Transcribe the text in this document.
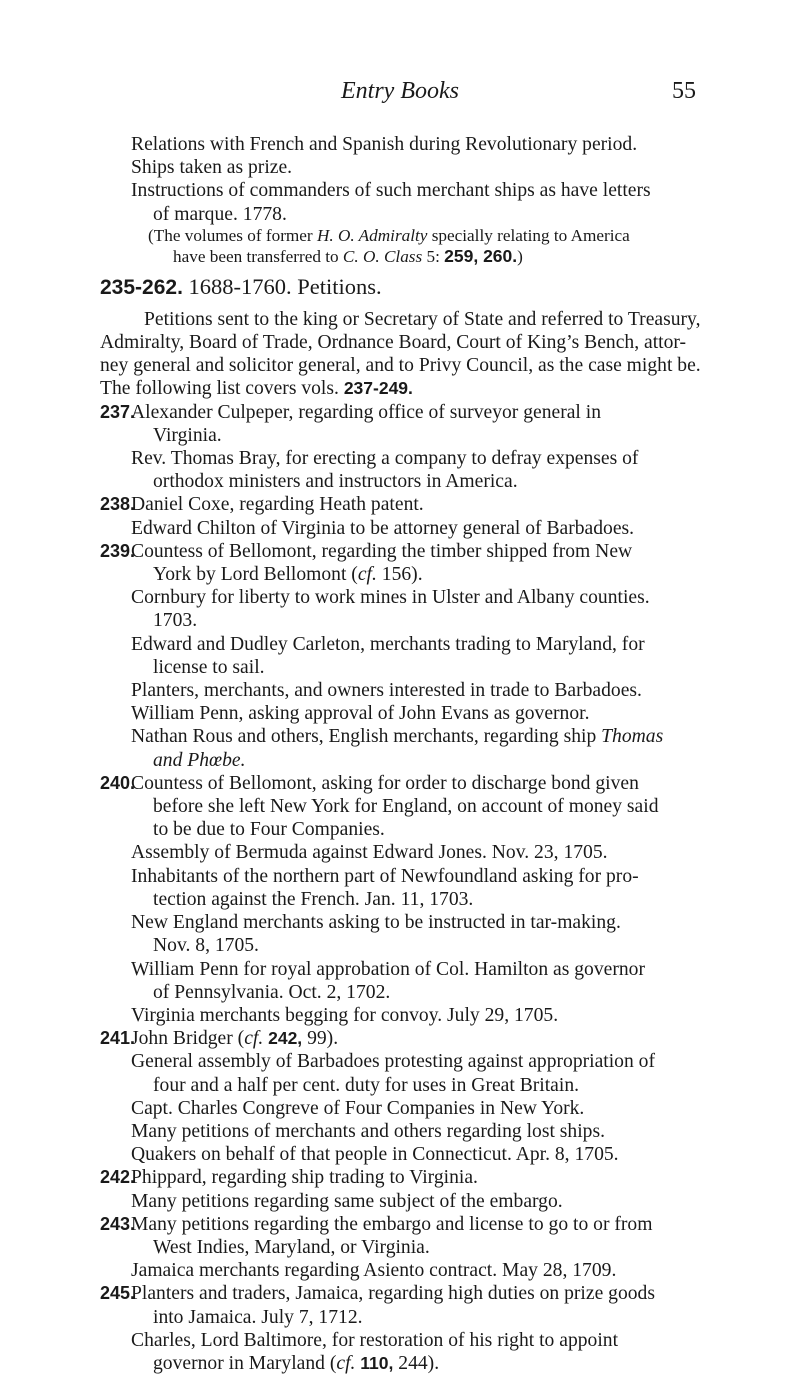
Entry Books	55
Relations with French and Spanish during Revolutionary period.
Ships taken as prize.
Instructions of commanders of such merchant ships as have letters
of marque. 1778.
(The volumes of former H. O. Admiralty specially relating to America
have been transferred to C. O. Class 5: 259, 260.)
235-262. 1688-1760. Petitions.
Petitions sent to the king or Secretary of State and referred to Treasury,
Admiralty, Board of Trade, Ordnance Board, Court of King’s Bench, attor-
ney general and solicitor general, and to Privy Council, as the case might be.
The following list covers vols. 237-249.
237.
Alexander Culpeper, regarding office of surveyor general in
Virginia.
Rev. Thomas Bray, for erecting a company to defray expenses of
orthodox ministers and instructors in America.
238.
Daniel Coxe, regarding Heath patent.
Edward Chilton of Virginia to be attorney general of Barbadoes.
239.
Countess of Bellomont, regarding the timber shipped from New
York by Lord Bellomont (cf. 156).
Cornbury for liberty to work mines in Ulster and Albany counties.
1703.
Edward and Dudley Carleton, merchants trading to Maryland, for
license to sail.
Planters, merchants, and owners interested in trade to Barbadoes.
William Penn, asking approval of John Evans as governor.
Nathan Rous and others, English merchants, regarding ship Thomas
and Phœbe.
240.
Countess of Bellomont, asking for order to discharge bond given
before she left New York for England, on account of money said
to be due to Four Companies.
Assembly of Bermuda against Edward Jones. Nov. 23, 1705.
Inhabitants of the northern part of Newfoundland asking for pro-
tection against the French. Jan. 11, 1703.
New England merchants asking to be instructed in tar-making.
Nov. 8, 1705.
William Penn for royal approbation of Col. Hamilton as governor
of Pennsylvania. Oct. 2, 1702.
Virginia merchants begging for convoy. July 29, 1705.
241.
John Bridger (cf. 242, 99).
General assembly of Barbadoes protesting against appropriation of
four and a half per cent. duty for uses in Great Britain.
Capt. Charles Congreve of Four Companies in New York.
Many petitions of merchants and others regarding lost ships.
Quakers on behalf of that people in Connecticut. Apr. 8, 1705.
242.
Phippard, regarding ship trading to Virginia.
Many petitions regarding same subject of the embargo.
243.
Many petitions regarding the embargo and license to go to or from
West Indies, Maryland, or Virginia.
Jamaica merchants regarding Asiento contract. May 28, 1709.
245.
Planters and traders, Jamaica, regarding high duties on prize goods
into Jamaica. July 7, 1712.
Charles, Lord Baltimore, for restoration of his right to appoint
governor in Maryland (cf. 110, 244).
